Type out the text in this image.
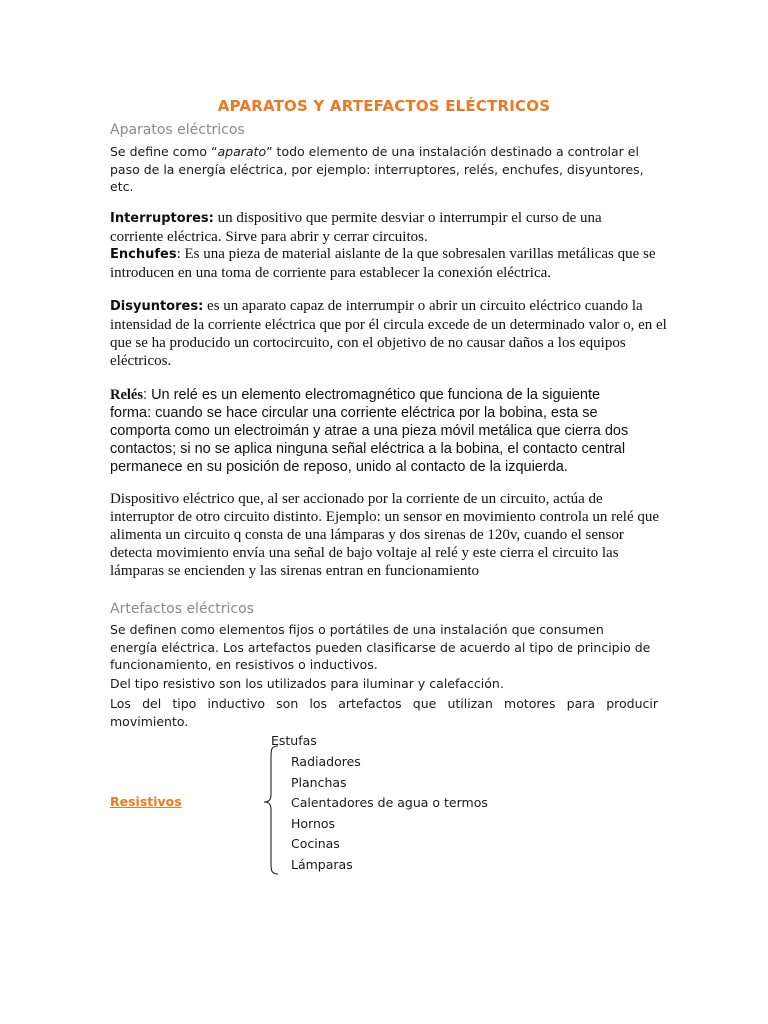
APARATOS Y ARTEFACTOS ELÉCTRICOS
Aparatos eléctricos

Se define como “aparato” todo elemento de una instalación destinado a controlar el paso de la energía eléctrica, por ejemplo: interruptores, relés, enchufes, disyuntores, etc.

Interruptores: un dispositivo que permite desviar o interrumpir el curso de una corriente eléctrica. Sirve para abrir y cerrar circuitos.

Enchufes: Es una pieza de material aislante de la que sobresalen varillas metálicas que se introducen en una toma de corriente para establecer la conexión eléctrica.

Disyuntores: es un aparato capaz de interrumpir o abrir un circuito eléctrico cuando la intensidad de la corriente eléctrica que por él circula excede de un determinado valor o, en el que se ha producido un cortocircuito, con el objetivo de no causar daños a los equipos eléctricos.

Relés: Un relé es un elemento electromagnético que funciona de la siguiente forma: cuando se hace circular una corriente eléctrica por la bobina, esta se comporta como un electroimán y atrae a una pieza móvil metálica que cierra dos contactos; si no se aplica ninguna señal eléctrica a la bobina, el contacto central permanece en su posición de reposo, unido al contacto de la izquierda.

Dispositivo eléctrico que, al ser accionado por la corriente de un circuito, actúa de interruptor de otro circuito distinto. Ejemplo: un sensor en movimiento controla un relé que alimenta un circuito q consta de una lámparas y dos sirenas de 120v, cuando el sensor detecta movimiento envía una señal de bajo voltaje al relé y este cierra el circuito las lámparas se encienden y las sirenas entran en funcionamiento

Artefactos eléctricos

Se definen como elementos fijos o portátiles de una instalación que consumen energía eléctrica. Los artefactos pueden clasificarse de acuerdo al tipo de principio de funcionamiento, en resistivos o inductivos.

Del tipo resistivo son los utilizados para iluminar y calefacción.

Los del tipo inductivo son los artefactos que utilizan motores para producir movimiento.

Resistivos
Estufas
Radiadores
Planchas
Calentadores de agua o termos
Hornos
Cocinas
Lámparas
